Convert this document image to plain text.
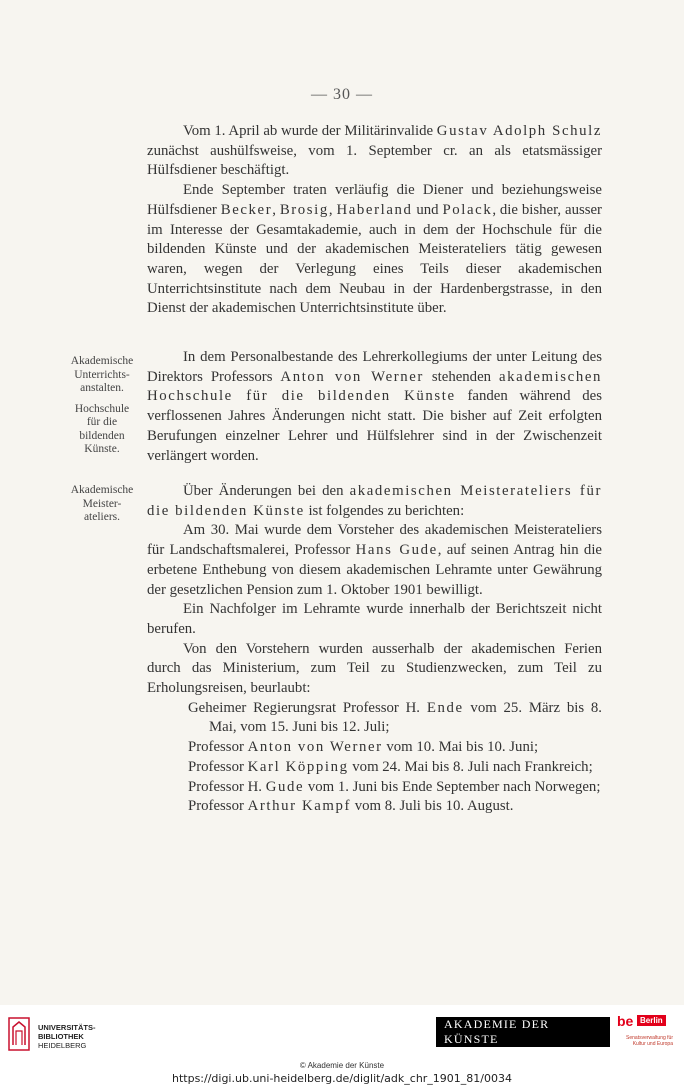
— 30 —

Vom 1. April ab wurde der Militärinvalide Gustav Adolph Schulz zunächst aushülfsweise, vom 1. September cr. an als etatsmässiger Hülfsdiener beschäftigt.

Ende September traten verläufig die Diener und beziehungsweise Hülfsdiener Becker, Brosig, Haberland und Polack, die bisher, ausser im Interesse der Gesamtakademie, auch in dem der Hochschule für die bildenden Künste und der akademischen Meisterateliers tätig gewesen waren, wegen der Verlegung eines Teils dieser akademischen Unterrichtsinstitute nach dem Neubau in der Hardenbergstrasse, in den Dienst der akademischen Unterrichtsinstitute über.

Akademische
Unterrichts-
anstalten.
Hochschule
für die
bildenden
Künste.

In dem Personalbestande des Lehrerkollegiums der unter Leitung des Direktors Professors Anton von Werner stehenden akademischen Hochschule für die bildenden Künste fanden während des verflossenen Jahres Änderungen nicht statt. Die bisher auf Zeit erfolgten Berufungen einzelner Lehrer und Hülfslehrer sind in der Zwischenzeit verlängert worden.

Akademische
Meister-
ateliers.

Über Änderungen bei den akademischen Meisterateliers für die bildenden Künste ist folgendes zu berichten:

Am 30. Mai wurde dem Vorsteher des akademischen Meisterateliers für Landschaftsmalerei, Professor Hans Gude, auf seinen Antrag hin die erbetene Enthebung von diesem akademischen Lehramte unter Gewährung der gesetzlichen Pension zum 1. Oktober 1901 bewilligt.

Ein Nachfolger im Lehramte wurde innerhalb der Berichtszeit nicht berufen.

Von den Vorstehern wurden ausserhalb der akademischen Ferien durch das Ministerium, zum Teil zu Studienzwecken, zum Teil zu Erholungsreisen, beurlaubt:

Geheimer Regierungsrat Professor H. Ende vom 25. März bis 8. Mai, vom 15. Juni bis 12. Juli;

Professor Anton von Werner vom 10. Mai bis 10. Juni;

Professor Karl Köpping vom 24. Mai bis 8. Juli nach Frankreich;

Professor H. Gude vom 1. Juni bis Ende September nach Norwegen;

Professor Arthur Kampf vom 8. Juli bis 10. August.

UNIVERSITÄTS-
BIBLIOTHEK
HEIDELBERG
AKADEMIE DER KÜNSTE
be Berlin
Senatsverwaltung für Kultur und Europa
© Akademie der Künste
https://digi.ub.uni-heidelberg.de/diglit/adk_chr_1901_81/0034
